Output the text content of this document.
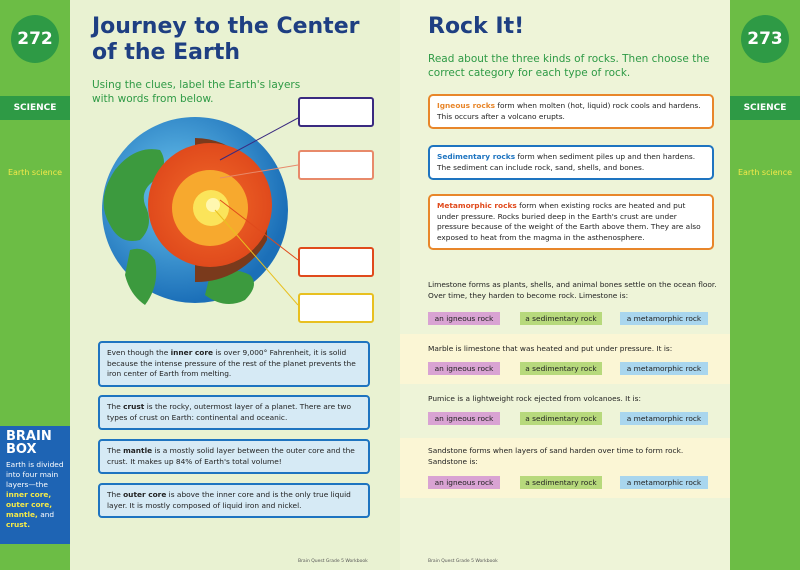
272
SCIENCE
Earth science
273
SCIENCE
Earth science
Journey to the Center
of the Earth
Using the clues, label the Earth's layers
with words from below.
Even though the inner core is over 9,000° Fahrenheit, it is solid because the intense pressure of the rest of the planet prevents the iron center of Earth from melting.
The crust is the rocky, outermost layer of a planet. There are two types of crust on Earth: continental and oceanic.
The mantle is a mostly solid layer between the outer core and the crust. It makes up 84% of Earth's total volume!
The outer core is above the inner core and is the only true liquid layer. It is mostly composed of liquid iron and nickel.
Brain Quest Grade 5 Workbook
BRAIN
BOX
Earth is divided into four main layers—the inner core, outer core, mantle, and crust.
Rock It!
Read about the three kinds of rocks. Then choose the
correct category for each type of rock.
Igneous rocks form when molten (hot, liquid) rock cools and hardens. This occurs after a volcano erupts.
Sedimentary rocks form when sediment piles up and then hardens. The sediment can include rock, sand, shells, and bones.
Metamorphic rocks form when existing rocks are heated and put under pressure. Rocks buried deep in the Earth's crust are under pressure because of the weight of the Earth above them. They are also exposed to heat from the magma in the asthenosphere.
Limestone forms as plants, shells, and animal bones settle on the ocean floor. Over time, they harden to become rock. Limestone is:
an igneous rock	a sedimentary rock	a metamorphic rock
Marble is limestone that was heated and put under pressure. It is:
an igneous rock	a sedimentary rock	a metamorphic rock
Pumice is a lightweight rock ejected from volcanoes. It is:
an igneous rock	a sedimentary rock	a metamorphic rock
Sandstone forms when layers of sand harden over time to form rock. Sandstone is:
an igneous rock	a sedimentary rock	a metamorphic rock
Brain Quest Grade 5 Workbook
